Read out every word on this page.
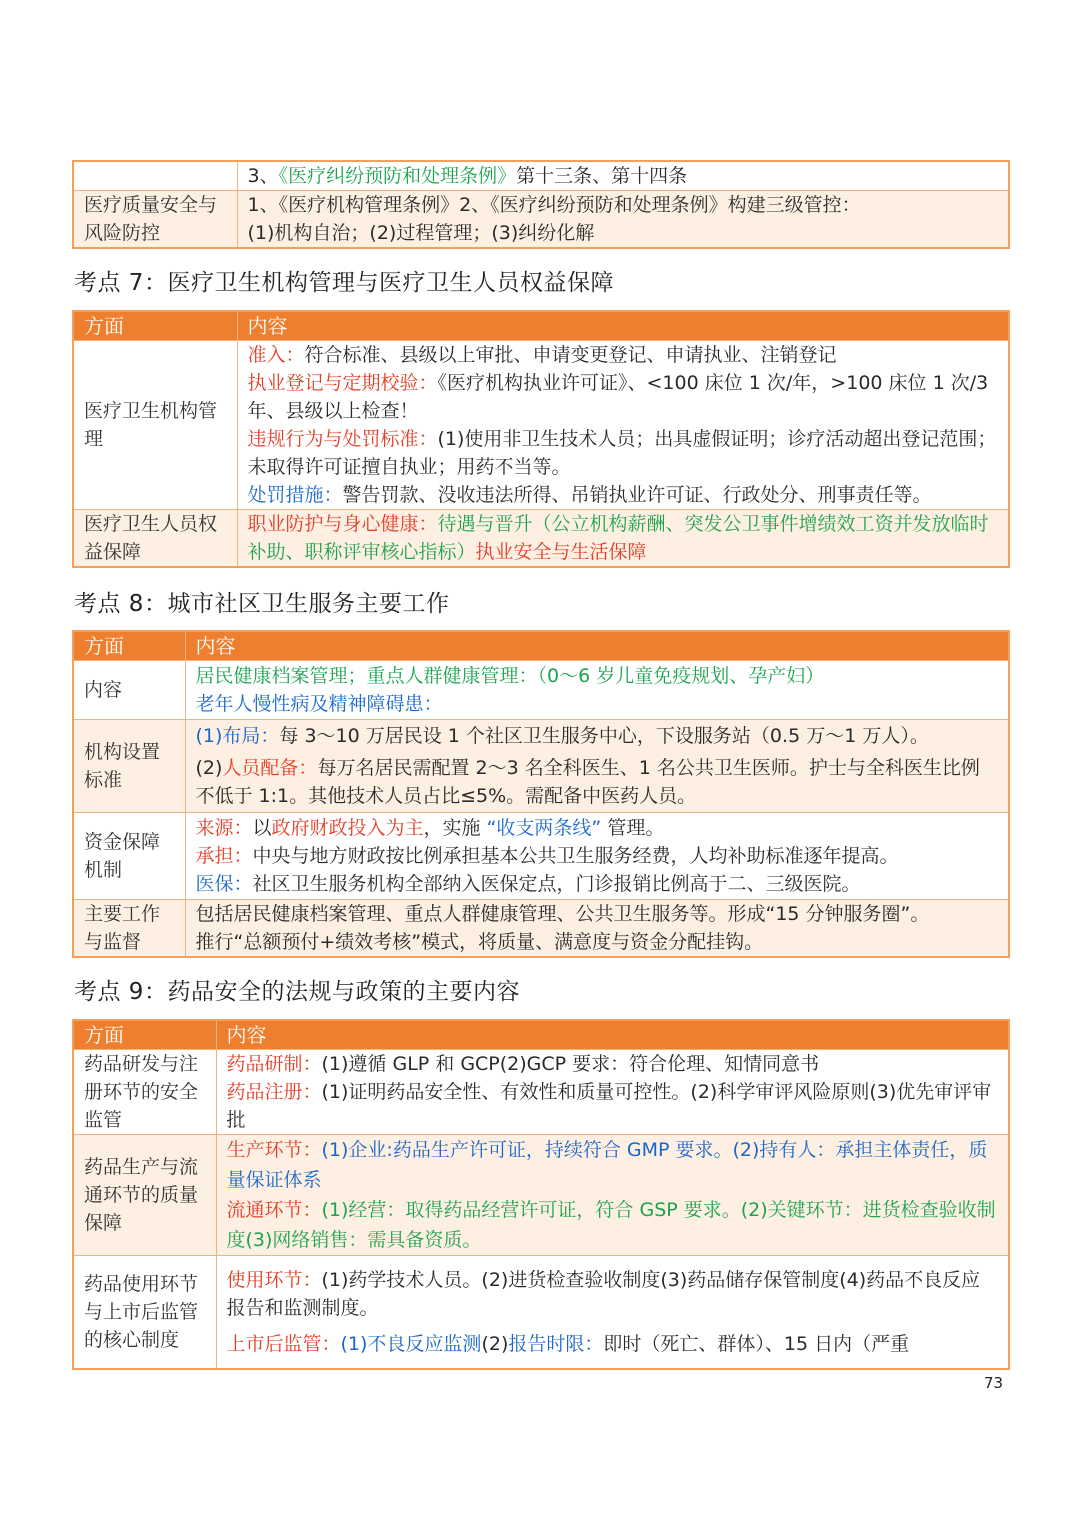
	3、《医疗纠纷预防和处理条例》第十三条、第十四条
医疗质量安全与风险防控	1、《医疗机构管理条例》2、《医疗纠纷预防和处理条例》构建三级管控：
(1)机构自治；(2)过程管理；(3)纠纷化解
考点 7：医疗卫生机构管理与医疗卫生人员权益保障
方面	内容
医疗卫生机构管理	准入：符合标准、县级以上审批、申请变更登记、申请执业、注销登记
执业登记与定期校验：《医疗机构执业许可证》、<100 床位 1 次/年，>100 床位 1 次/3 年、县级以上检查！
违规行为与处罚标准：(1)使用非卫生技术人员；出具虚假证明；诊疗活动超出登记范围；未取得许可证擅自执业；用药不当等。
处罚措施：警告罚款、没收违法所得、吊销执业许可证、行政处分、刑事责任等。

医疗卫生人员权益保障	职业防护与身心健康：待遇与晋升（公立机构薪酬、突发公卫事件增绩效工资并发放临时补助、职称评审核心指标）执业安全与生活保障
考点 8：城市社区卫生服务主要工作
方面	内容
内容	居民健康档案管理；重点人群健康管理：（0～6 岁儿童免疫规划、孕产妇）
老年人慢性病及精神障碍患：

机构设置标准	(1)布局：每 3～10 万居民设 1 个社区卫生服务中心，下设服务站（0.5 万～1 万人）。
(2)人员配备：每万名居民需配置 2～3 名全科医生、1 名公共卫生医师。护士与全科医生比例不低于 1:1。其他技术人员占比≤5%。需配备中医药人员。

资金保障机制	来源：以政府财政投入为主，实施 “收支两条线” 管理。
承担：中央与地方财政按比例承担基本公共卫生服务经费，人均补助标准逐年提高。
医保：社区卫生服务机构全部纳入医保定点，门诊报销比例高于二、三级医院。

主要工作与监督	包括居民健康档案管理、重点人群健康管理、公共卫生服务等。形成“15 分钟服务圈”。
推行“总额预付+绩效考核”模式，将质量、满意度与资金分配挂钩。
考点 9：药品安全的法规与政策的主要内容
方面	内容
药品研发与注册环节的安全监管	药品研制：(1)遵循 GLP 和 GCP(2)GCP 要求：符合伦理、知情同意书
药品注册：(1)证明药品安全性、有效性和质量可控性。(2)科学审评风险原则(3)优先审评审批

药品生产与流通环节的质量保障	生产环节：(1)企业:药品生产许可证，持续符合 GMP 要求。(2)持有人：承担主体责任，质量保证体系
流通环节：(1)经营：取得药品经营许可证，符合 GSP 要求。(2)关键环节：进货检查验收制度(3)网络销售：需具备资质。

药品使用环节与上市后监管的核心制度	使用环节：(1)药学技术人员。(2)进货检查验收制度(3)药品储存保管制度(4)药品不良反应报告和监测制度。
上市后监管：(1)不良反应监测(2)报告时限：即时（死亡、群体）、15 日内（严重
73
